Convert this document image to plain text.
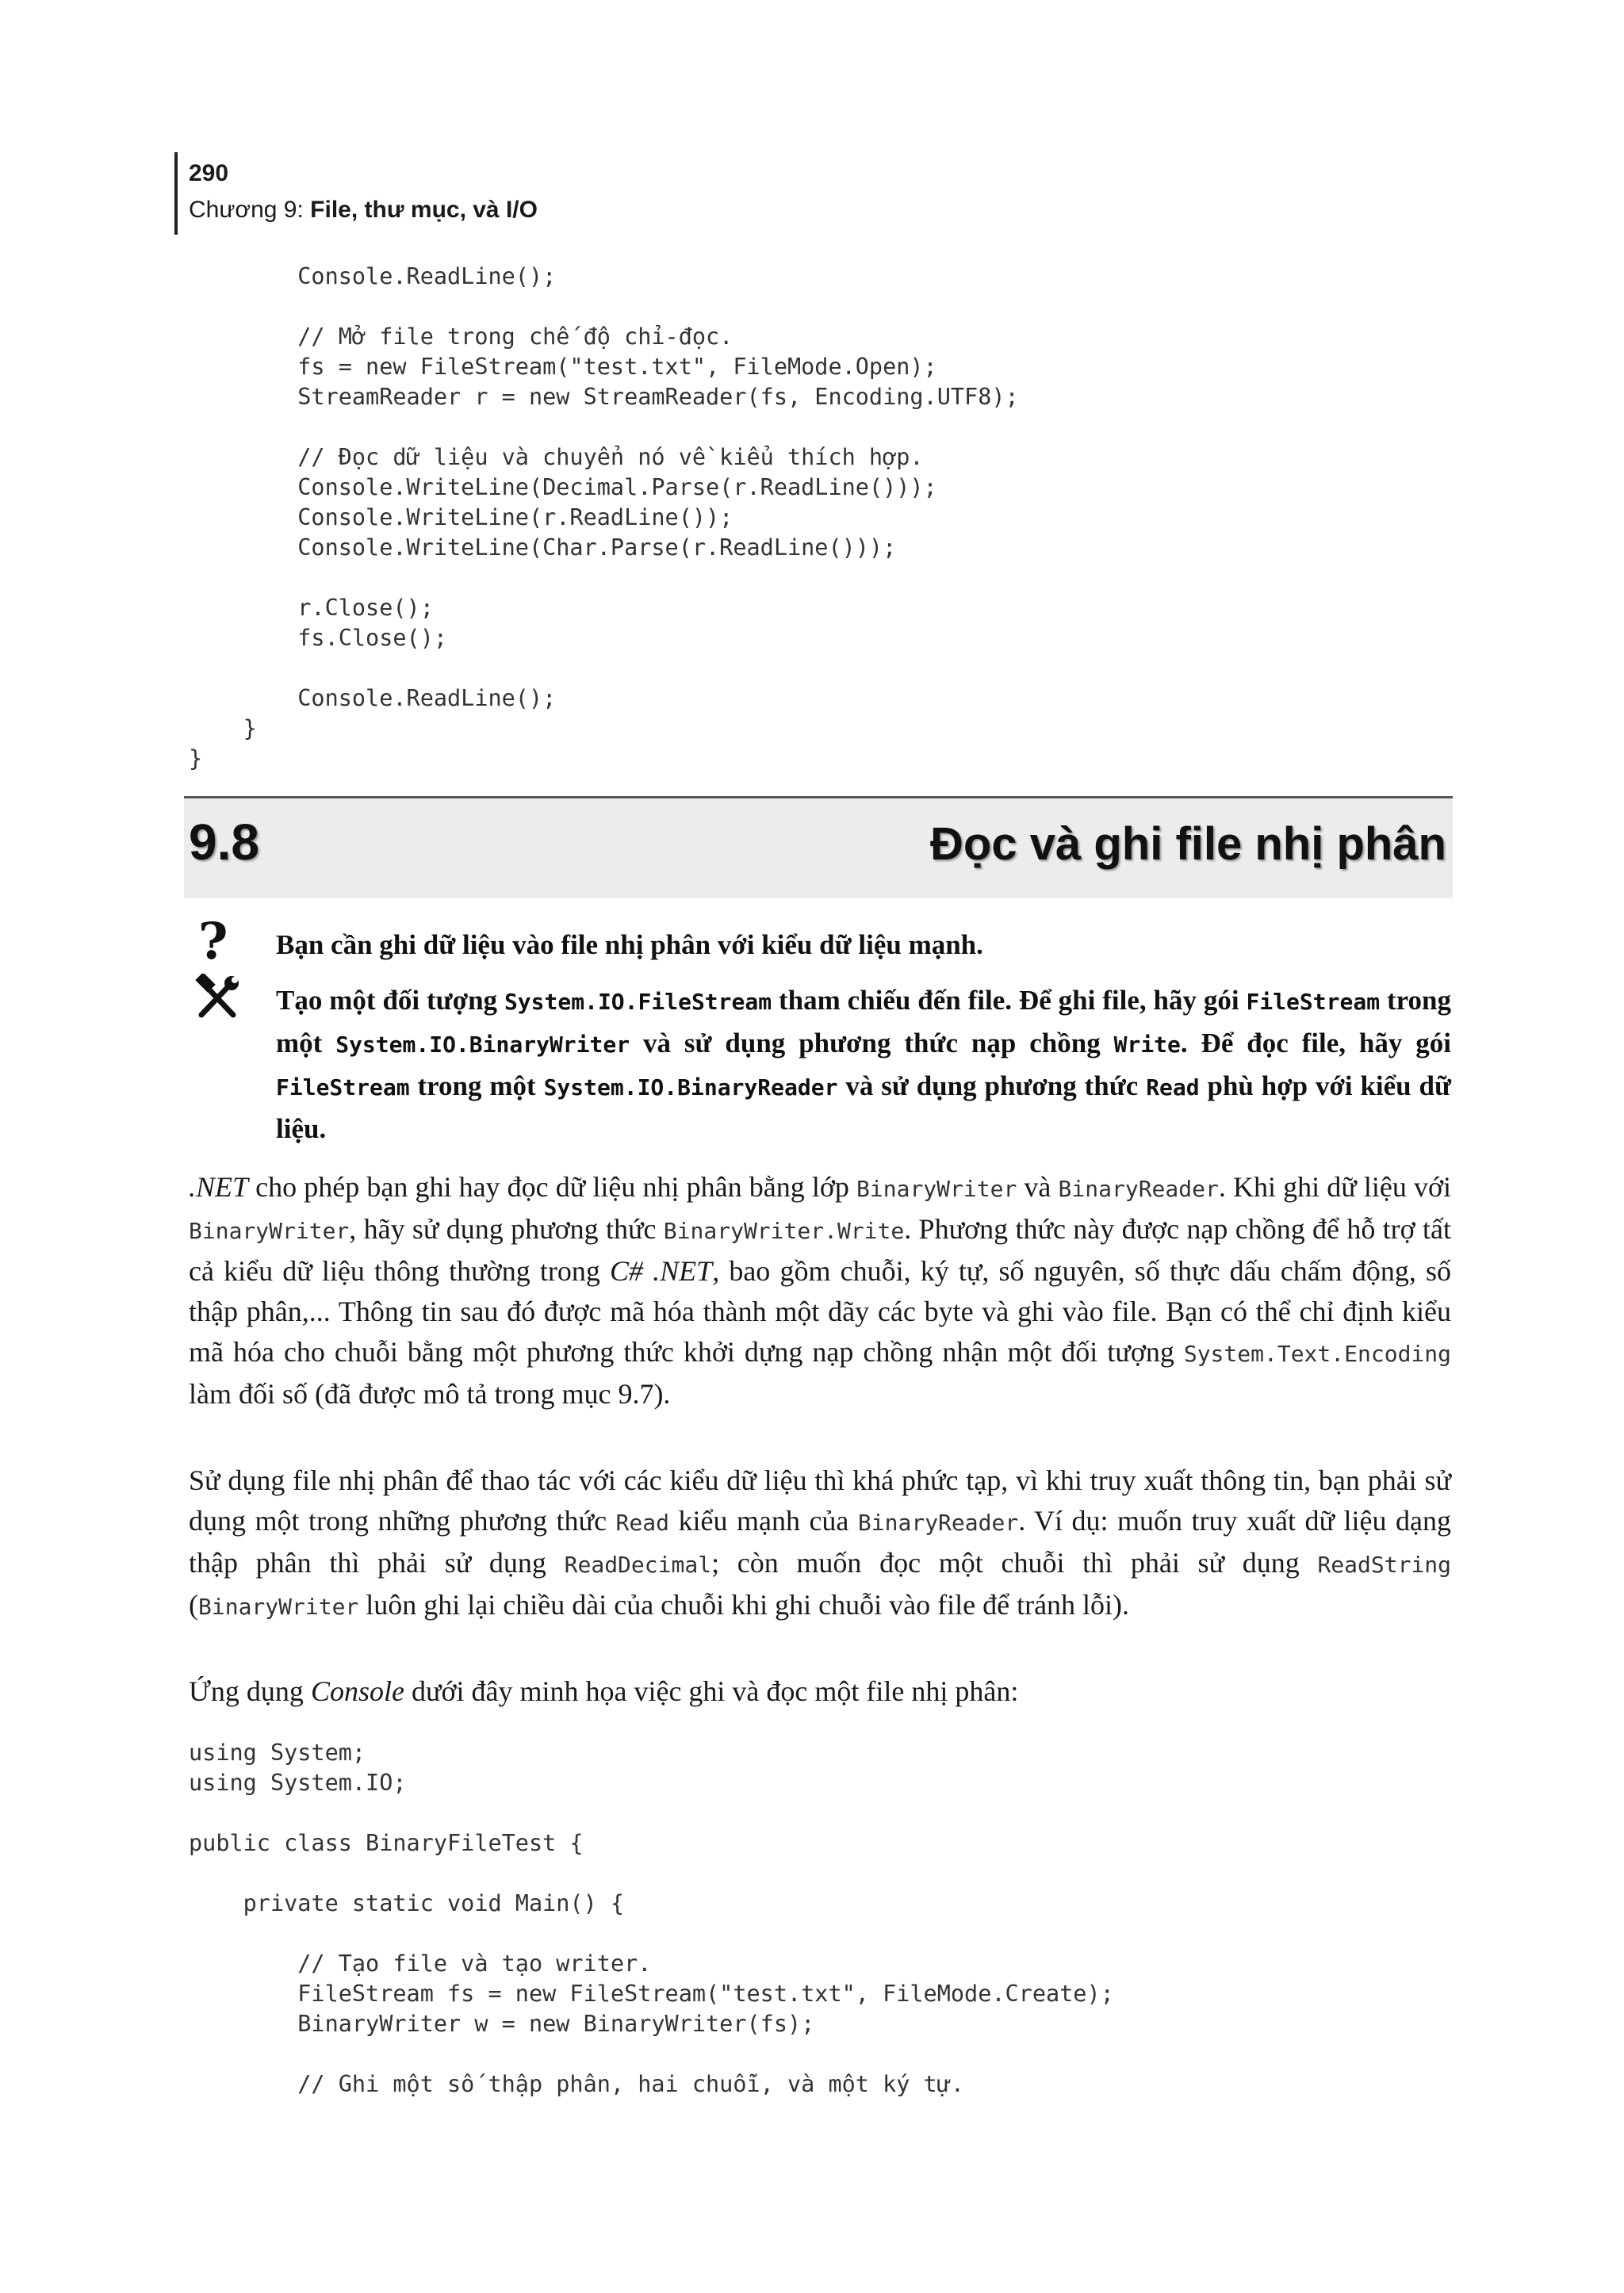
290
Chương 9: File, thư mục, và I/O
Console.ReadLine();

// Mở file trong chế độ chỉ-đọc.
fs = new FileStream("test.txt", FileMode.Open);
StreamReader r = new StreamReader(fs, Encoding.UTF8);

// Đọc dữ liệu và chuyển nó về kiểu thích hợp.
Console.WriteLine(Decimal.Parse(r.ReadLine()));
Console.WriteLine(r.ReadLine());
Console.WriteLine(Char.Parse(r.ReadLine()));

r.Close();
fs.Close();

Console.ReadLine();
}
}
9.8	Đọc và ghi file nhị phân
? Bạn cần ghi dữ liệu vào file nhị phân với kiểu dữ liệu mạnh.
Tạo một đối tượng System.IO.FileStream tham chiếu đến file. Để ghi file, hãy gói FileStream trong một System.IO.BinaryWriter và sử dụng phương thức nạp chồng Write. Để đọc file, hãy gói FileStream trong một System.IO.BinaryReader và sử dụng phương thức Read phù hợp với kiểu dữ liệu.

.NET cho phép bạn ghi hay đọc dữ liệu nhị phân bằng lớp BinaryWriter và BinaryReader. Khi ghi dữ liệu với BinaryWriter, hãy sử dụng phương thức BinaryWriter.Write. Phương thức này được nạp chồng để hỗ trợ tất cả kiểu dữ liệu thông thường trong C# .NET, bao gồm chuỗi, ký tự, số nguyên, số thực dấu chấm động, số thập phân,... Thông tin sau đó được mã hóa thành một dãy các byte và ghi vào file. Bạn có thể chỉ định kiểu mã hóa cho chuỗi bằng một phương thức khởi dựng nạp chồng nhận một đối tượng System.Text.Encoding làm đối số (đã được mô tả trong mục 9.7).

Sử dụng file nhị phân để thao tác với các kiểu dữ liệu thì khá phức tạp, vì khi truy xuất thông tin, bạn phải sử dụng một trong những phương thức Read kiểu mạnh của BinaryReader. Ví dụ: muốn truy xuất dữ liệu dạng thập phân thì phải sử dụng ReadDecimal; còn muốn đọc một chuỗi thì phải sử dụng ReadString (BinaryWriter luôn ghi lại chiều dài của chuỗi khi ghi chuỗi vào file để tránh lỗi).

Ứng dụng Console dưới đây minh họa việc ghi và đọc một file nhị phân:

using System;
using System.IO;

public class BinaryFileTest {

private static void Main() {

// Tạo file và tạo writer.
FileStream fs = new FileStream("test.txt", FileMode.Create);
BinaryWriter w = new BinaryWriter(fs);

// Ghi một số thập phân, hai chuỗi, và một ký tự.
